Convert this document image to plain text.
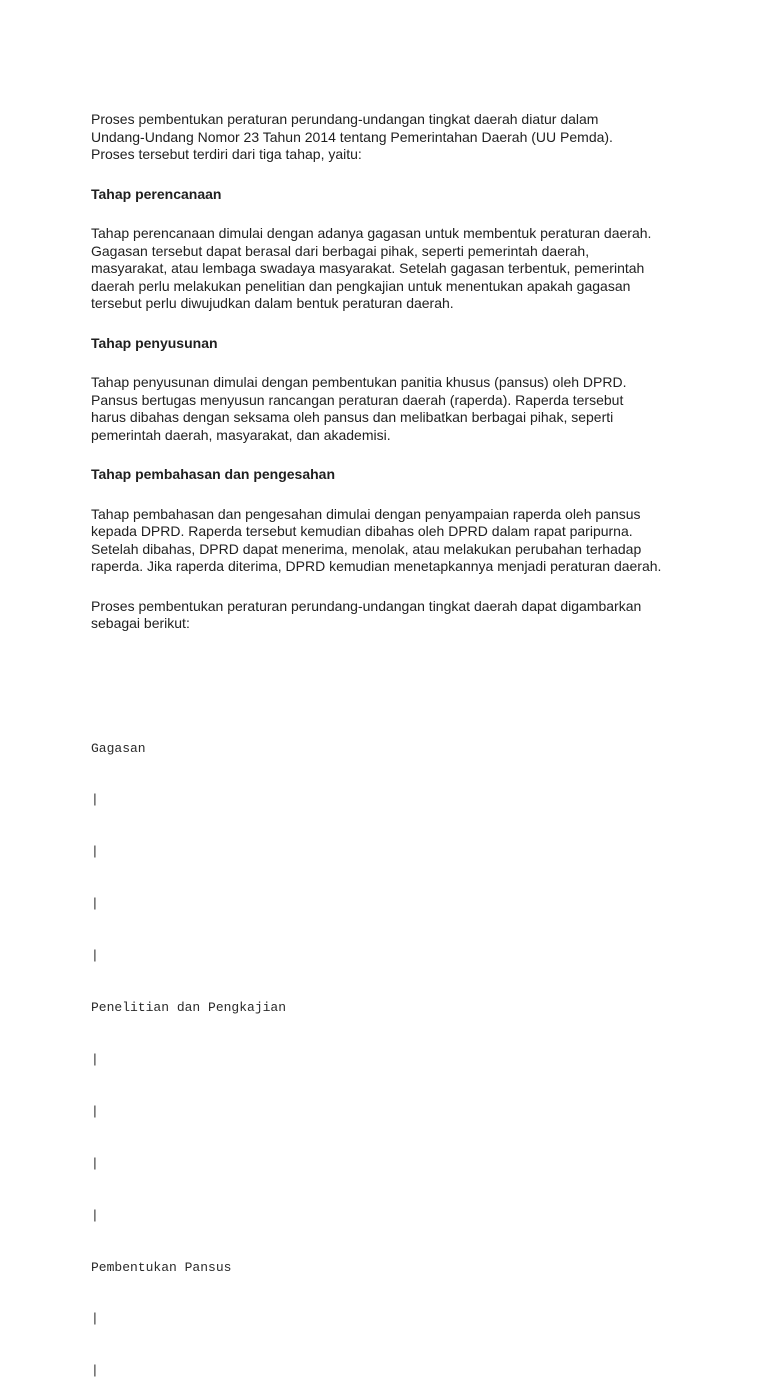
Proses pembentukan peraturan perundang-undangan tingkat daerah diatur dalam Undang-Undang Nomor 23 Tahun 2014 tentang Pemerintahan Daerah (UU Pemda). Proses tersebut terdiri dari tiga tahap, yaitu:

Tahap perencanaan

Tahap perencanaan dimulai dengan adanya gagasan untuk membentuk peraturan daerah. Gagasan tersebut dapat berasal dari berbagai pihak, seperti pemerintah daerah, masyarakat, atau lembaga swadaya masyarakat. Setelah gagasan terbentuk, pemerintah daerah perlu melakukan penelitian dan pengkajian untuk menentukan apakah gagasan tersebut perlu diwujudkan dalam bentuk peraturan daerah.

Tahap penyusunan

Tahap penyusunan dimulai dengan pembentukan panitia khusus (pansus) oleh DPRD. Pansus bertugas menyusun rancangan peraturan daerah (raperda). Raperda tersebut harus dibahas dengan seksama oleh pansus dan melibatkan berbagai pihak, seperti pemerintah daerah, masyarakat, dan akademisi.

Tahap pembahasan dan pengesahan

Tahap pembahasan dan pengesahan dimulai dengan penyampaian raperda oleh pansus kepada DPRD. Raperda tersebut kemudian dibahas oleh DPRD dalam rapat paripurna. Setelah dibahas, DPRD dapat menerima, menolak, atau melakukan perubahan terhadap raperda. Jika raperda diterima, DPRD kemudian menetapkannya menjadi peraturan daerah.

Proses pembentukan peraturan perundang-undangan tingkat daerah dapat digambarkan sebagai berikut:

Gagasan

|

|

|

|

Penelitian dan Pengkajian

|

|

|

|

Pembentukan Pansus

|

|
